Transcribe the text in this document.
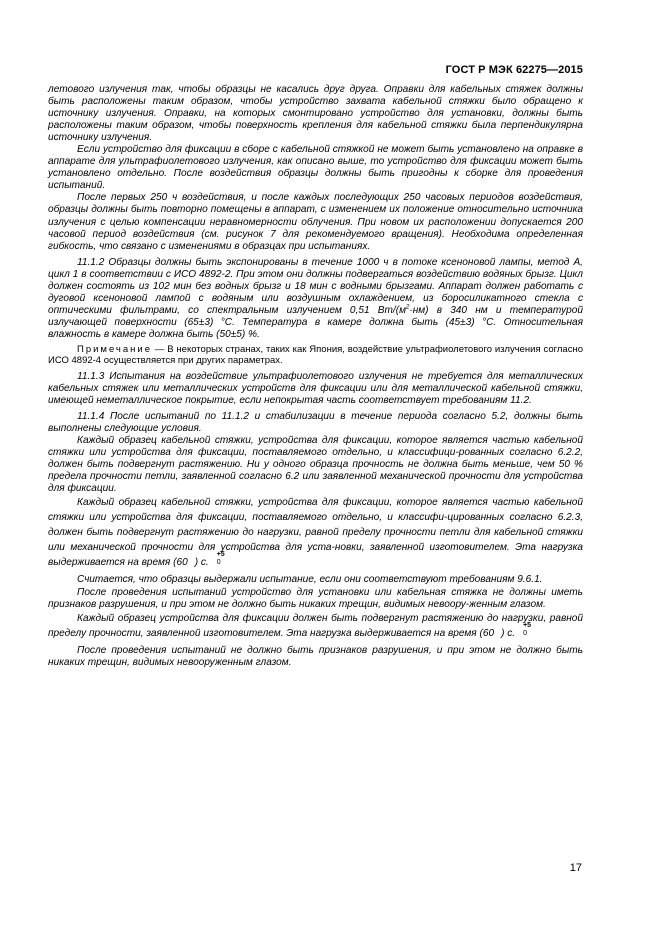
ГОСТ Р МЭК 62275—2015

летового излучения так, чтобы образцы не касались друг друга. Оправки для кабельных стяжек должны быть расположены таким образом, чтобы устройство захвата кабельной стяжки было обращено к источнику излучения. Оправки, на которых смонтировано устройство для установки, должны быть расположены таким образом, чтобы поверхность крепления для кабельной стяжки была перпендикулярна источнику излучения.

Если устройство для фиксации в сборе с кабельной стяжкой не может быть установлено на оправке в аппарате для ультрафиолетового излучения, как описано выше, то устройство для фиксации может быть установлено отдельно. После воздействия образцы должны быть пригодны к сборке для проведения испытаний.

После первых 250 ч воздействия, и после каждых последующих 250 часовых периодов воздействия, образцы должны быть повторно помещены в аппарат, с изменением их положение относительно источника излучения с целью компенсации неравномерности облучения. При новом их расположении допускается 200 часовой период воздействия (см. рисунок 7 для рекомендуемого вращения). Необходима определенная гибкость, что связано с изменениями в образцах при испытаниях.

11.1.2 Образцы должны быть экспонированы в течение 1000 ч в потоке ксеноновой лампы, метод А, цикл 1 в соответствии с ИСО 4892-2. При этом они должны подвергаться воздействию водяных брызг. Цикл должен состоять из 102 мин без водных брызг и 18 мин с водными брызгами. Аппарат должен работать с дуговой ксеноновой лампой с водяным или воздушным охлаждением, из боросиликатного стекла с оптическими фильтрами, со спектральным излучением 0,51 $Вт/(м^2\cdot нм)$ в 340 нм и температурой излучающей поверхности (65±3) °С. Температура в камере должна быть (45±3) °С. Относительная влажность в камере должна быть (50±5) %.

Примечание — В некоторых странах, таких как Япония, воздействие ультрафиолетового излучения согласно ИСО 4892-4 осуществляется при других параметрах.

11.1.3 Испытания на воздействие ультрафиолетового излучения не требуется для металлических кабельных стяжек или металлических устройств для фиксации или для металлической кабельной стяжки, имеющей неметаллическое покрытие, если непокрытая часть соответствует требованиям 11.2.

11.1.4 После испытаний по 11.1.2 и стабилизации в течение периода согласно 5.2, должны быть выполнены следующие условия.

Каждый образец кабельной стяжки, устройства для фиксации, которое является частью кабельной стяжки или устройства для фиксации, поставляемого отдельно, и классифици-рованных согласно 6.2.2, должен быть подвергнут растяжению. Ни у одного образца прочность не должна быть меньше, чем 50 % предела прочности петли, заявленной согласно 6.2 или заявленной механической прочности для устройства для фиксации.

Каждый образец кабельной стяжки, устройства для фиксации, которое является частью кабельной стяжки или устройства для фиксации, поставляемого отдельно, и классифи-цированных согласно 6.2.3, должен быть подвергнут растяжению до нагрузки, равной пределу прочности петли для кабельной стяжки или механической прочности для устройства для уста-новки, заявленной изготовителем. Эта нагрузка выдерживается на время (60
+5
0
) с.

Считается, что образцы выдержали испытание, если они соответствуют требованиям 9.6.1.

После проведения испытаний устройство для установки или кабельная стяжка не должны иметь признаков разрушения, и при этом не должно быть никаких трещин, видимых невоору-женным глазом.

Каждый образец устройства для фиксации должен быть подвергнут растяжению до нагрузки, равной пределу прочности, заявленной изготовителем. Эта нагрузка выдерживается на время (60
+5
0
) с.

После проведения испытаний не должно быть признаков разрушения, и при этом не должно быть никаких трещин, видимых невооруженным глазом.

17
